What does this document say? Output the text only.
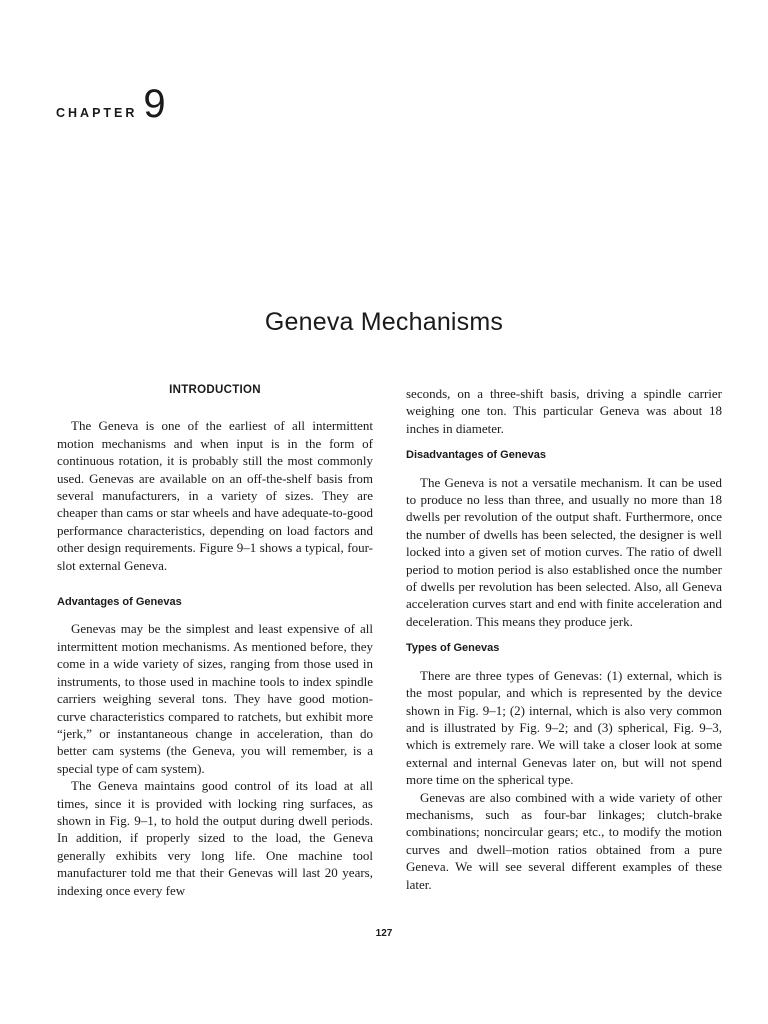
CHAPTER 9
Geneva Mechanisms
INTRODUCTION

The Geneva is one of the earliest of all intermittent motion mechanisms and when input is in the form of continuous rotation, it is probably still the most commonly used. Genevas are available on an off-the-shelf basis from several manufacturers, in a variety of sizes. They are cheaper than cams or star wheels and have adequate-to-good performance characteristics, depending on load factors and other design requirements. Figure 9–1 shows a typical, four-slot external Geneva.

Advantages of Genevas

Genevas may be the simplest and least expensive of all intermittent motion mechanisms. As mentioned before, they come in a wide variety of sizes, ranging from those used in instruments, to those used in machine tools to index spindle carriers weighing several tons. They have good motion-curve characteristics compared to ratchets, but exhibit more “jerk,” or instantaneous change in acceleration, than do better cam systems (the Geneva, you will remember, is a special type of cam system).

The Geneva maintains good control of its load at all times, since it is provided with locking ring surfaces, as shown in Fig. 9–1, to hold the output during dwell periods. In addition, if properly sized to the load, the Geneva generally exhibits very long life. One machine tool manufacturer told me that their Genevas will last 20 years, indexing once every few

seconds, on a three-shift basis, driving a spindle carrier weighing one ton. This particular Geneva was about 18 inches in diameter.

Disadvantages of Genevas

The Geneva is not a versatile mechanism. It can be used to produce no less than three, and usually no more than 18 dwells per revolution of the output shaft. Furthermore, once the number of dwells has been selected, the designer is well locked into a given set of motion curves. The ratio of dwell period to motion period is also established once the number of dwells per revolution has been selected. Also, all Geneva acceleration curves start and end with finite acceleration and deceleration. This means they produce jerk.

Types of Genevas

There are three types of Genevas: (1) external, which is the most popular, and which is represented by the device shown in Fig. 9–1; (2) internal, which is also very common and is illustrated by Fig. 9–2; and (3) spherical, Fig. 9–3, which is extremely rare. We will take a closer look at some external and internal Genevas later on, but will not spend more time on the spherical type.

Genevas are also combined with a wide variety of other mechanisms, such as four-bar linkages; clutch-brake combinations; noncircular gears; etc., to modify the motion curves and dwell–motion ratios obtained from a pure Geneva. We will see several different examples of these later.

127
